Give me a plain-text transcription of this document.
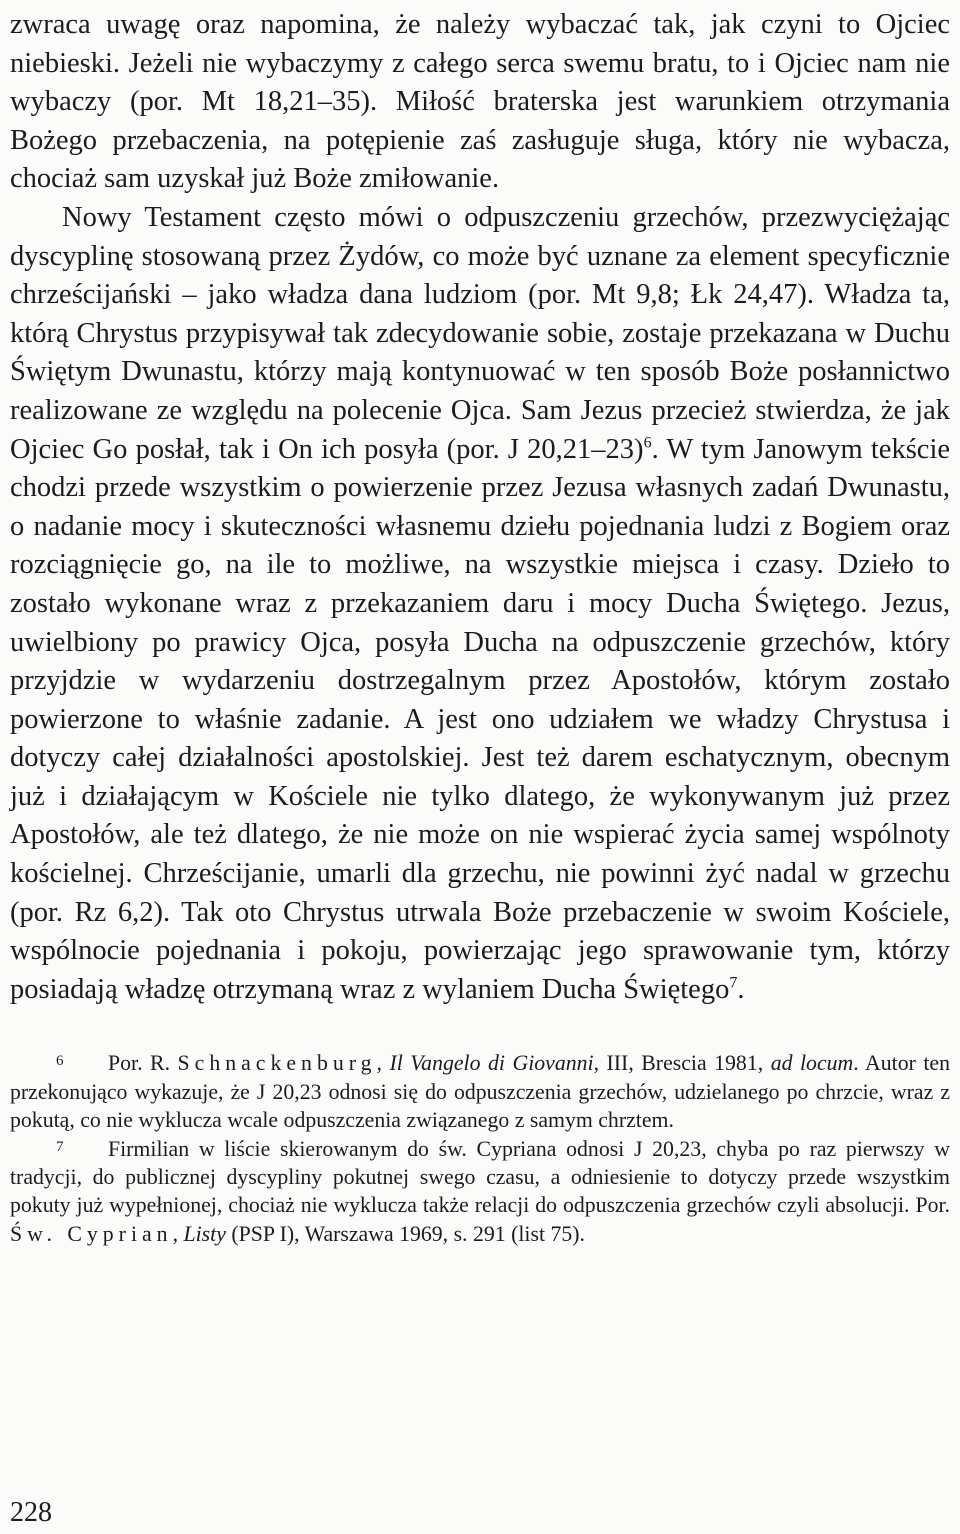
zwraca uwagę oraz napomina, że należy wybaczać tak, jak czyni to Ojciec niebieski. Jeżeli nie wybaczymy z całego serca swemu bratu, to i Ojciec nam nie wybaczy (por. Mt 18,21–35). Miłość braterska jest warunkiem otrzymania Bożego przebaczenia, na potępienie zaś zasługuje sługa, który nie wybacza, chociaż sam uzyskał już Boże zmiłowanie.

Nowy Testament często mówi o odpuszczeniu grzechów, przezwyciężając dyscyplinę stosowaną przez Żydów, co może być uznane za element specyficznie chrześcijański – jako władza dana ludziom (por. Mt 9,8; Łk 24,47). Władza ta, którą Chrystus przypisywał tak zdecydowanie sobie, zostaje przekazana w Duchu Świętym Dwunastu, którzy mają kontynuować w ten sposób Boże posłannictwo realizowane ze względu na polecenie Ojca. Sam Jezus przecież stwierdza, że jak Ojciec Go posłał, tak i On ich posyła (por. J 20,21–23)$^6$. W tym Janowym tekście chodzi przede wszystkim o powierzenie przez Jezusa własnych zadań Dwunastu, o nadanie mocy i skuteczności własnemu dziełu pojednania ludzi z Bogiem oraz rozciągnięcie go, na ile to możliwe, na wszystkie miejsca i czasy. Dzieło to zostało wykonane wraz z przekazaniem daru i mocy Ducha Świętego. Jezus, uwielbiony po prawicy Ojca, posyła Ducha na odpuszczenie grzechów, który przyjdzie w wydarzeniu dostrzegalnym przez Apostołów, którym zostało powierzone to właśnie zadanie. A jest ono udziałem we władzy Chrystusa i dotyczy całej działalności apostolskiej. Jest też darem eschatycznym, obecnym już i działającym w Kościele nie tylko dlatego, że wykonywanym już przez Apostołów, ale też dlatego, że nie może on nie wspierać życia samej wspólnoty kościelnej. Chrześcijanie, umarli dla grzechu, nie powinni żyć nadal w grzechu (por. Rz 6,2). Tak oto Chrystus utrwala Boże przebaczenie w swoim Kościele, wspólnocie pojednania i pokoju, powierzając jego sprawowanie tym, którzy posiadają władzę otrzymaną wraz z wylaniem Ducha Świętego$^7$.

6 Por. R. Schnackenburg, Il Vangelo di Giovanni, III, Brescia 1981, ad locum. Autor ten przekonująco wykazuje, że J 20,23 odnosi się do odpuszczenia grzechów, udzielanego po chrzcie, wraz z pokutą, co nie wyklucza wcale odpuszczenia związanego z samym chrztem.

7 Firmilian w liście skierowanym do św. Cypriana odnosi J 20,23, chyba po raz pierwszy w tradycji, do publicznej dyscypliny pokutnej swego czasu, a odniesienie to dotyczy przede wszystkim pokuty już wypełnionej, chociaż nie wyklucza także relacji do odpuszczenia grzechów czyli absolucji. Por. Św. Cyprian, Listy (PSP I), Warszawa 1969, s. 291 (list 75).

228
